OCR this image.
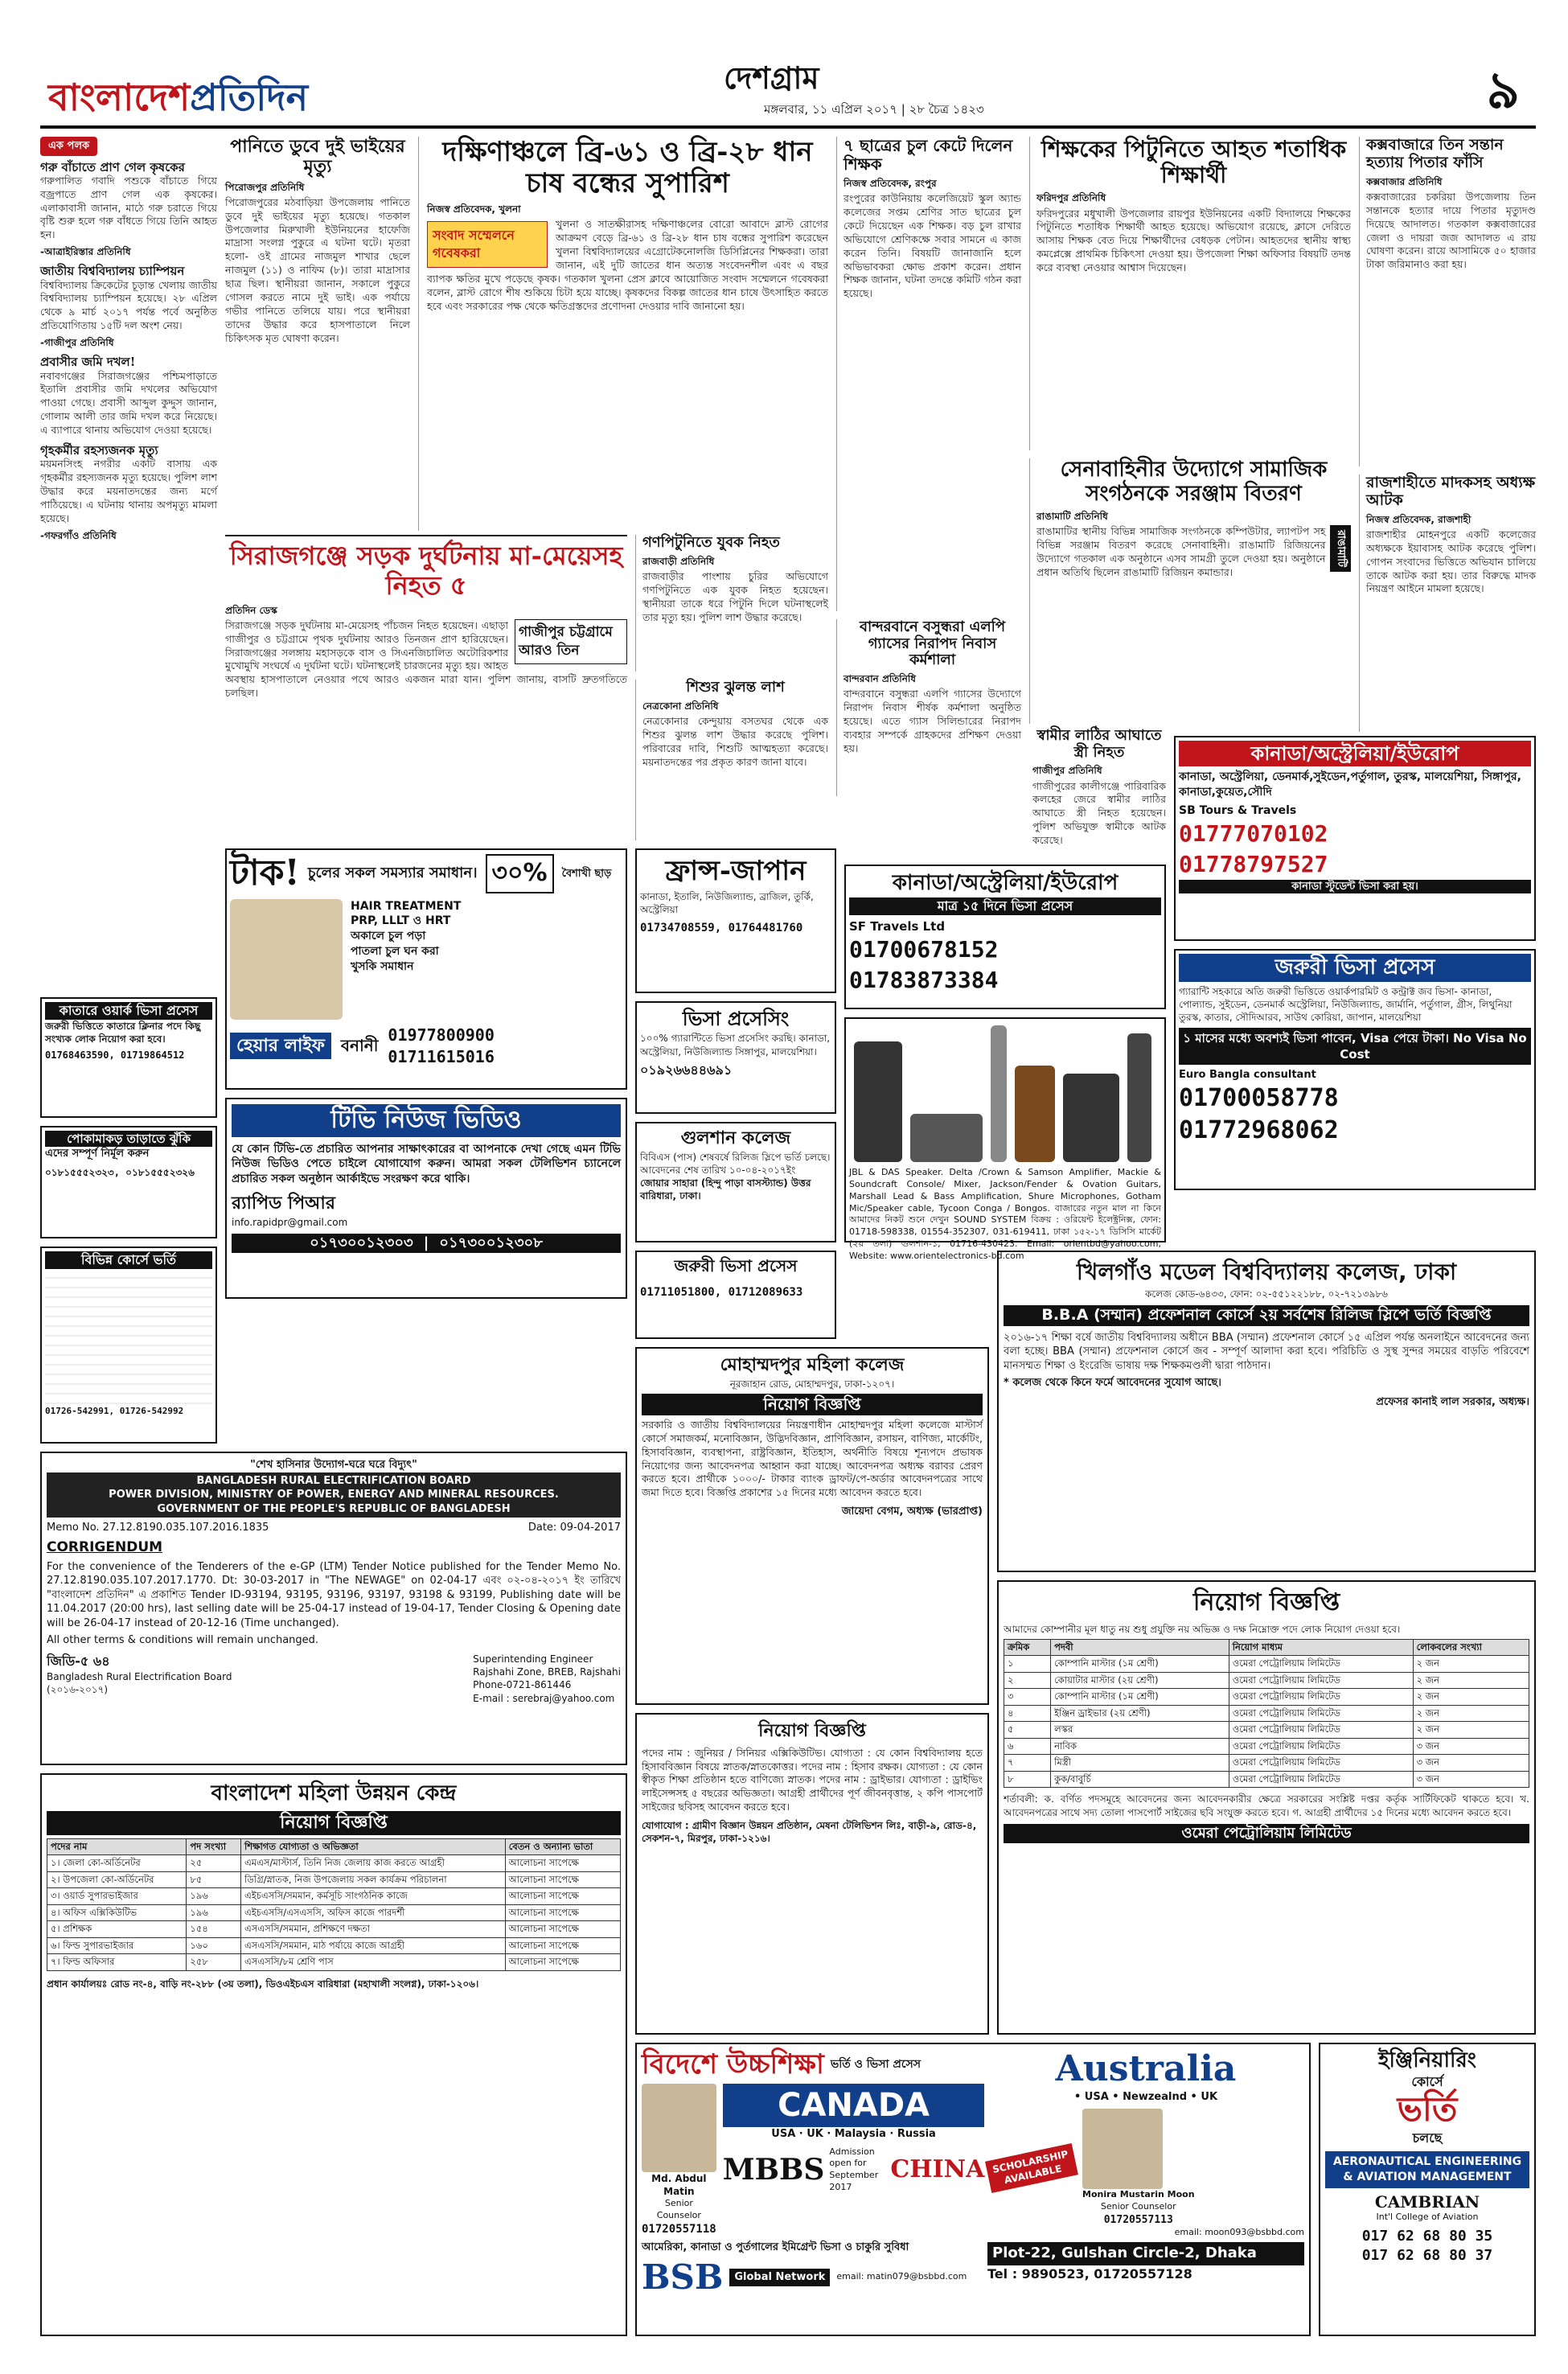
বাংলাদেশপ্রতিদিন	দেশগ্রাম
মঙ্গলবার, ১১ এপ্রিল ২০১৭ | ২৮ চৈত্র ১৪২৩	৯
এক পলক
গরু বাঁচাতে প্রাণ গেল কৃষকের
গরুপালিত গবাদি পশুকে বাঁচাতে গিয়ে বজ্রপাতে প্রাণ গেল এক কৃষকের। এলাকাবাসী জানান, মাঠে গরু চরাতে গিয়ে বৃষ্টি শুরু হলে গরু বাঁধতে গিয়ে তিনি আহত হন।
-আত্রাইরিস্তার প্রতিনিধি
জাতীয় বিশ্ববিদ্যালয় চ্যাম্পিয়ন
বিশ্ববিদ্যালয় ক্রিকেটের চূড়ান্ত খেলায় জাতীয় বিশ্ববিদ্যালয় চ্যাম্পিয়ন হয়েছে। ২৮ এপ্রিল থেকে ৯ মার্চ ২০১৭ পর্যন্ত পর্বে অনুষ্ঠিত প্রতিযোগিতায় ১৫টি দল অংশ নেয়।
-গাজীপুর প্রতিনিধি
প্রবাসীর জমি দখল!
নবাবগঞ্জের সিরাজগঞ্জের পশ্চিমপাড়াতে ইতালি প্রবাসীর জমি দখলের অভিযোগ পাওয়া গেছে। প্রবাসী আব্দুল কুদ্দুস জানান, গোলাম আলী তার জমি দখল করে নিয়েছে। এ ব্যাপারে থানায় অভিযোগ দেওয়া হয়েছে।
গৃহকর্মীর রহস্যজনক মৃত্যু
ময়মনসিংহ নগরীর একটি বাসায় এক গৃহকর্মীর রহস্যজনক মৃত্যু হয়েছে। পুলিশ লাশ উদ্ধার করে ময়নাতদন্তের জন্য মর্গে পাঠিয়েছে। এ ঘটনায় থানায় অপমৃত্যু মামলা হয়েছে।
-গফরগাঁও প্রতিনিধি
পানিতে ডুবে দুই ভাইয়ের মৃত্যু
পিরোজপুর প্রতিনিধি
পিরোজপুরের মঠবাড়িয়া উপজেলায় পানিতে ডুবে দুই ভাইয়ের মৃত্যু হয়েছে। গতকাল উপজেলার মিরুখালী ইউনিয়নের হাফেজি মাদ্রাসা সংলগ্ন পুকুরে এ ঘটনা ঘটে। মৃতরা হলো- ওই গ্রামের নাজমুল শাখার ছেলে নাজমুল (১১) ও নাফিম (৮)। তারা মাদ্রাসার ছাত্র ছিল। স্থানীয়রা জানান, সকালে পুকুরে গোসল করতে নামে দুই ভাই। এক পর্যায়ে গভীর পানিতে তলিয়ে যায়। পরে স্থানীয়রা তাদের উদ্ধার করে হাসপাতালে নিলে চিকিৎসক মৃত ঘোষণা করেন।
দক্ষিণাঞ্চলে ব্রি-৬১ ও ব্রি-২৮ ধান চাষ বন্ধের সুপারিশ
নিজস্ব প্রতিবেদক, খুলনা
সংবাদ সম্মেলনে গবেষকরা
খুলনা ও সাতক্ষীরাসহ দক্ষিণাঞ্চলের বোরো আবাদে ব্লাস্ট রোগের আক্রমণ বেড়ে ব্রি-৬১ ও ব্রি-২৮ ধান চাষ বন্ধের সুপারিশ করেছেন খুলনা বিশ্ববিদ্যালয়ের এগ্রোটেকনোলজি ডিসিপ্লিনের শিক্ষকরা। তারা জানান, এই দুটি জাতের ধান অত্যন্ত সংবেদনশীল এবং এ বছর ব্যাপক ক্ষতির মুখে পড়েছে কৃষক। গতকাল খুলনা প্রেস ক্লাবে আয়োজিত সংবাদ সম্মেলনে গবেষকরা বলেন, ব্লাস্ট রোগে শীষ শুকিয়ে চিটা হয়ে যাচ্ছে। কৃষকদের বিকল্প জাতের ধান চাষে উৎসাহিত করতে হবে এবং সরকারের পক্ষ থেকে ক্ষতিগ্রস্তদের প্রণোদনা দেওয়ার দাবি জানানো হয়।
৭ ছাত্রের চুল কেটে দিলেন শিক্ষক
নিজস্ব প্রতিবেদক, রংপুর
রংপুরের কাউনিয়ায় কলেজিয়েট স্কুল অ্যান্ড কলেজের সপ্তম শ্রেণির সাত ছাত্রের চুল কেটে দিয়েছেন এক শিক্ষক। বড় চুল রাখার অভিযোগে শ্রেণিকক্ষে সবার সামনে এ কাজ করেন তিনি। বিষয়টি জানাজানি হলে অভিভাবকরা ক্ষোভ প্রকাশ করেন। প্রধান শিক্ষক জানান, ঘটনা তদন্তে কমিটি গঠন করা হয়েছে।
শিক্ষকের পিটুনিতে আহত শতাধিক শিক্ষার্থী
ফরিদপুর প্রতিনিধি
ফরিদপুরের মধুখালী উপজেলার রায়পুর ইউনিয়নের একটি বিদ্যালয়ে শিক্ষকের পিটুনিতে শতাধিক শিক্ষার্থী আহত হয়েছে। অভিযোগ রয়েছে, ক্লাসে দেরিতে আসায় শিক্ষক বেত দিয়ে শিক্ষার্থীদের বেধড়ক পেটান। আহতদের স্থানীয় স্বাস্থ্য কমপ্লেক্সে প্রাথমিক চিকিৎসা দেওয়া হয়। উপজেলা শিক্ষা অফিসার বিষয়টি তদন্ত করে ব্যবস্থা নেওয়ার আশ্বাস দিয়েছেন।
কক্সবাজারে তিন সন্তান হত্যায় পিতার ফাঁসি
কক্সবাজার প্রতিনিধি
কক্সবাজারের চকরিয়া উপজেলায় তিন সন্তানকে হত্যার দায়ে পিতার মৃত্যুদণ্ড দিয়েছে আদালত। গতকাল কক্সবাজারের জেলা ও দায়রা জজ আদালত এ রায় ঘোষণা করেন। রায়ে আসামিকে ৫০ হাজার টাকা জরিমানাও করা হয়।
সেনাবাহিনীর উদ্যোগে সামাজিক সংগঠনকে সরঞ্জাম বিতরণ
রাঙামাটি প্রতিনিধি
রাঙামাটি
রাঙামাটির স্থানীয় বিভিন্ন সামাজিক সংগঠনকে কম্পিউটার, ল্যাপটপ সহ বিভিন্ন সরঞ্জাম বিতরণ করেছে সেনাবাহিনী। রাঙামাটি রিজিয়নের উদ্যোগে গতকাল এক অনুষ্ঠানে এসব সামগ্রী তুলে দেওয়া হয়। অনুষ্ঠানে প্রধান অতিথি ছিলেন রাঙামাটি রিজিয়ন কমান্ডার।
রাজশাহীতে মাদকসহ অধ্যক্ষ আটক
নিজস্ব প্রতিবেদক, রাজশাহী
রাজশাহীর মোহনপুরে একটি কলেজের অধ্যক্ষকে ইয়াবাসহ আটক করেছে পুলিশ। গোপন সংবাদের ভিত্তিতে অভিযান চালিয়ে তাকে আটক করা হয়। তার বিরুদ্ধে মাদক নিয়ন্ত্রণ আইনে মামলা হয়েছে।
সিরাজগঞ্জে সড়ক দুর্ঘটনায় মা-মেয়েসহ নিহত ৫
প্রতিদিন ডেস্ক
গাজীপুর চট্টগ্রামে আরও তিন
সিরাজগঞ্জে সড়ক দুর্ঘটনায় মা-মেয়েসহ পাঁচজন নিহত হয়েছেন। এছাড়া গাজীপুর ও চট্টগ্রামে পৃথক দুর্ঘটনায় আরও তিনজন প্রাণ হারিয়েছেন। সিরাজগঞ্জের সলঙ্গায় মহাসড়কে বাস ও সিএনজিচালিত অটোরিকশার মুখোমুখি সংঘর্ষে এ দুর্ঘটনা ঘটে। ঘটনাস্থলেই চারজনের মৃত্যু হয়। আহত অবস্থায় হাসপাতালে নেওয়ার পথে আরও একজন মারা যান। পুলিশ জানায়, বাসটি দ্রুতগতিতে চলছিল।
গণপিটুনিতে যুবক নিহত
রাজবাড়ী প্রতিনিধি
রাজবাড়ীর পাংশায় চুরির অভিযোগে গণপিটুনিতে এক যুবক নিহত হয়েছেন। স্থানীয়রা তাকে ধরে পিটুনি দিলে ঘটনাস্থলেই তার মৃত্যু হয়। পুলিশ লাশ উদ্ধার করেছে।
শিশুর ঝুলন্ত লাশ
নেত্রকোনা প্রতিনিধি
নেত্রকোনার কেন্দুয়ায় বসতঘর থেকে এক শিশুর ঝুলন্ত লাশ উদ্ধার করেছে পুলিশ। পরিবারের দাবি, শিশুটি আত্মহত্যা করেছে। ময়নাতদন্তের পর প্রকৃত কারণ জানা যাবে।
বান্দরবানে বসুন্ধরা এলপি গ্যাসের নিরাপদ নিবাস কর্মশালা
বান্দরবান প্রতিনিধি
বান্দরবানে বসুন্ধরা এলপি গ্যাসের উদ্যোগে নিরাপদ নিবাস শীর্ষক কর্মশালা অনুষ্ঠিত হয়েছে। এতে গ্যাস সিলিন্ডারের নিরাপদ ব্যবহার সম্পর্কে গ্রাহকদের প্রশিক্ষণ দেওয়া হয়।
স্বামীর লাঠির আঘাতে স্ত্রী নিহত
গাজীপুর প্রতিনিধি
গাজীপুরের কালীগঞ্জে পারিবারিক কলহের জেরে স্বামীর লাঠির আঘাতে স্ত্রী নিহত হয়েছেন। পুলিশ অভিযুক্ত স্বামীকে আটক করেছে।
কানাডা/অস্ট্রেলিয়া/ইউরোপ
কানাডা, অস্ট্রেলিয়া, ডেনমার্ক,সুইডেন,পর্তুগাল, তুরস্ক, মালয়েশিয়া, সিঙ্গাপুর, কানাডা,কুয়েত,সৌদি
SB Tours & Travels
01777070102
01778797527
কানাডা স্টুডেন্ট ভিসা করা হয়।
জরুরী ভিসা প্রসেস
গ্যারান্টি সহকারে অতি জরুরী ভিত্তিতে ওয়ার্কপারমিট ও কন্ট্রাক্ট জব ভিসা- কানাডা, পোল্যান্ড, সুইডেন, ডেনমার্ক অস্ট্রেলিয়া, নিউজিল্যান্ড, জার্মানি, পর্তুগাল, গ্রীস, লিথুনিয়া তুরস্ক, কাতার, সৌদিআরব, সাউথ কোরিয়া, জাপান, মালয়েশিয়া
১ মাসের মধ্যে অবশ্যই ভিসা পাবেন, Visa পেয়ে টাকা। No Visa No Cost
Euro Bangla consultant
01700058778
01772968062
ফ্রান্স-জাপান
কানাডা, ইতালি, নিউজিল্যান্ড, ব্রাজিল, তুর্কি, অস্ট্রেলিয়া
01734708559, 01764481760
কানাডা/অস্ট্রেলিয়া/ইউরোপ
মাত্র ১৫ দিনে ভিসা প্রসেস
SF Travels Ltd
01700678152
01783873384
ভিসা প্রসেসিং
১০০% গ্যারান্টিতে ভিসা প্রসেসিং করছি। কানাডা, অস্ট্রেলিয়া, নিউজিল্যান্ড সিঙ্গাপুর, মালয়েশিয়া।
০১৯২৬৬৪৪৬৯১
JBL & DAS Speaker. Delta /Crown & Samson Amplifier, Mackie & Soundcraft Console/ Mixer, Jackson/Fender & Ovation Guitars, Marshall Lead & Bass Amplification, Shure Microphones, Gotham Mic/Speaker cable, Tycoon Conga / Bongos. বাজারের নতুন মাল না কিনে আমাদের নিকট শুনে দেখুন SOUND SYSTEM বিক্রয় : ওরিয়েন্ট ইলেক্ট্রনিক্স, ফোন: 01718-598338, 01554-352307, 031-619411, ঢাকা ১৫২-১৭ ডিসিসি মার্কেট (২য় তলা) গুলশান-১, 01716-430423. Email: orientbd@yahoo.com, Website: www.orientelectronics-bd.com
গুলশান কলেজ
বিবিএস (পাস) শেষবর্ষে রিলিজ স্লিপে ভর্তি চলছে। আবেদনের শেষ তারিখ ১০-০৪-২০১৭ইং
জোয়ার সাহারা (হিন্দু পাড়া বাসস্ট্যান্ড) উত্তর বারিধারা, ঢাকা।
জরুরী ভিসা প্রসেস
01711051800, 01712089633
টাক! চুলের সকল সমস্যার সমাধান। ৩০%	বৈশাখী ছাড়
HAIR TREATMENT
PRP, LLLT ও HRT
অকালে চুল পড়া
পাতলা চুল ঘন করা
খুসকি সমাধান
হেয়ার লাইফ	বনানী
01977800900
01711615016
কাতারে ওয়ার্ক ভিসা প্রসেস
জরুরী ভিত্তিতে কাতারে ক্লিনার পদে কিছু সংখ্যক লোক নিয়োগ করা হবে।
01768463590, 01719864512
পোকামাকড় তাড়াতে ঝুঁকি
এদের সম্পূর্ণ নির্মূল করুন
০১৮১৫৫৫২৩২৩, ০১৮১৫৫৫২৩২৬
বিভিন্ন কোর্সে ভর্তি
01726-542991, 01726-542992
টিভি নিউজ ভিডিও
যে কোন টিভি-তে প্রচারিত আপনার সাক্ষাৎকারের বা আপনাকে দেখা গেছে এমন টিভি নিউজ ভিডিও পেতে চাইলে যোগাযোগ করুন। আমরা সকল টেলিভিশন চ্যানেলে প্রচারিত সকল অনুষ্ঠান আর্কাইভে সংরক্ষণ করে থাকি।
র‍্যাপিড পিআর
info.rapidpr@gmail.com
০১৭৩০০১২৩০৩ | ০১৭৩০০১২৩০৮
"শেখ হাসিনার উদ্যোগ-ঘরে ঘরে বিদ্যুৎ"
BANGLADESH RURAL ELECTRIFICATION BOARD
POWER DIVISION, MINISTRY OF POWER, ENERGY AND MINERAL RESOURCES.
GOVERNMENT OF THE PEOPLE'S REPUBLIC OF BANGLADESH
Memo No. 27.12.8190.035.107.2016.1835	Date: 09-04-2017
CORRIGENDUM
For the convenience of the Tenderers of the e-GP (LTM) Tender Notice published for the Tender Memo No. 27.12.8190.035.107.2017.1770. Dt: 30-03-2017 in "The NEWAGE" on 02-04-17 এবং ০২-০৪-২০১৭ ইং তারিখে "বাংলাদেশ প্রতিদিন" এ প্রকাশিত Tender ID-93194, 93195, 93196, 93197, 93198 & 93199, Publishing date will be 11.04.2017 (20:00 hrs), last selling date will be 25-04-17 instead of 19-04-17, Tender Closing & Opening date will be 26-04-17 instead of 20-12-16 (Time unchanged).
All other terms & conditions will remain unchanged.
জিডি-৫ ৬৪
Bangladesh Rural Electrification Board
(২০১৬-২০১৭)
Superintending Engineer
Rajshahi Zone, BREB, Rajshahi
Phone-0721-861446
E-mail : serebraj@yahoo.com
বাংলাদেশ মহিলা উন্নয়ন কেন্দ্র
নিয়োগ বিজ্ঞপ্তি
পদের নাম	পদ সংখ্যা	শিক্ষাগত যোগ্যতা ও অভিজ্ঞতা	বেতন ও অন্যান্য ভাতা
১। জেলা কো-অর্ডিনেটর	২৫	এমএস/মাস্টার্স, তিনি নিজ জেলায় কাজ করতে আগ্রহী	আলোচনা সাপেক্ষে
২। উপজেলা কো-অর্ডিনেটর	৮৫	ডিগ্রি/স্নাতক, নিজ উপজেলায় সকল কার্যক্রম পরিচালনা	আলোচনা সাপেক্ষে
৩। ওয়ার্ড সুপারভাইজার	১৯৬	এইচএসসি/সমমান, কর্মসূচি সাংগঠনিক কাজে	আলোচনা সাপেক্ষে
৪। অফিস এক্সিকিউটিভ	১৯৬	এইচএসসি/এসএসসি, অফিস কাজে পারদর্শী	আলোচনা সাপেক্ষে
৫। প্রশিক্ষক	১৫৪	এসএসসি/সমমান, প্রশিক্ষণে দক্ষতা	আলোচনা সাপেক্ষে
৬। ফিল্ড সুপারভাইজার	১৬০	এসএসসি/সমমান, মাঠ পর্যায়ে কাজে আগ্রহী	আলোচনা সাপেক্ষে
৭। ফিল্ড অফিসার	২৫৮	এসএসসি/৮ম শ্রেণি পাস	আলোচনা সাপেক্ষে
প্রধান কার্যালয়ঃ রোড নং-৪, বাড়ি নং-২৮৮ (৩য় তলা), ডিওএইচএস বারিধারা (মহাখালী সংলগ্ন), ঢাকা-১২০৬।
মোহাম্মদপুর মহিলা কলেজ
নূরজাহান রোড, মোহাম্মদপুর, ঢাকা-১২০৭।
নিয়োগ বিজ্ঞপ্তি
সরকারি ও জাতীয় বিশ্ববিদ্যালয়ের নিয়ন্ত্রণাধীন মোহাম্মদপুর মহিলা কলেজে মাস্টার্স কোর্সে সমাজকর্ম, মনোবিজ্ঞান, উদ্ভিদবিজ্ঞান, প্রাণিবিজ্ঞান, রসায়ন, বাণিজ্য, মার্কেটিং, হিসাববিজ্ঞান, ব্যবস্থাপনা, রাষ্ট্রবিজ্ঞান, ইতিহাস, অর্থনীতি বিষয়ে শূন্যপদে প্রভাষক নিয়োগের জন্য আবেদনপত্র আহ্বান করা যাচ্ছে। আবেদনপত্র অধ্যক্ষ বরাবর প্রেরণ করতে হবে। প্রার্থীকে ১০০০/- টাকার ব্যাংক ড্রাফট/পে-অর্ডার আবেদনপত্রের সাথে জমা দিতে হবে। বিজ্ঞপ্তি প্রকাশের ১৫ দিনের মধ্যে আবেদন করতে হবে।
জায়েদা বেগম, অধ্যক্ষ (ভারপ্রাপ্ত)
নিয়োগ বিজ্ঞপ্তি
পদের নাম : জুনিয়র / সিনিয়র এক্সিকিউটিভ। যোগ্যতা : যে কোন বিশ্ববিদ্যালয় হতে হিসাববিজ্ঞান বিষয়ে স্নাতক/স্নাতকোত্তর। পদের নাম : হিসাব রক্ষক। যোগ্যতা : যে কোন স্বীকৃত শিক্ষা প্রতিষ্ঠান হতে বাণিজ্যে স্নাতক। পদের নাম : ড্রাইভার। যোগ্যতা : ড্রাইভিং লাইসেন্সসহ ৫ বছরের অভিজ্ঞতা। আগ্রহী প্রার্থীদের পূর্ণ জীবনবৃত্তান্ত, ২ কপি পাসপোর্ট সাইজের ছবিসহ আবেদন করতে হবে।
যোগাযোগ : গ্রামীণ বিজ্ঞান উন্নয়ন প্রতিষ্ঠান, মেষনা টেলিভিশন লিঃ, বাড়ী-৯, রোড-৪, সেকশন-৭, মিরপুর, ঢাকা-১২১৬।
খিলগাঁও মডেল বিশ্ববিদ্যালয় কলেজ, ঢাকা
কলেজ কোড-৬৪৩৩, ফোন: ০২-৫৫১২২১৮৮, ০২-৭২১৩৯৮৬
B.B.A (সম্মান) প্রফেশনাল কোর্সে ২য় সর্বশেষ রিলিজ স্লিপে ভর্তি বিজ্ঞপ্তি
২০১৬-১৭ শিক্ষা বর্ষে জাতীয় বিশ্ববিদ্যালয় অধীনে BBA (সম্মান) প্রফেশনাল কোর্সে ১৫ এপ্রিল পর্যন্ত অনলাইনে আবেদনের জন্য বলা হচ্ছে। BBA (সম্মান) প্রফেশনাল কোর্সে জব - সম্পূর্ণ আলাদা করা হবে। পরিচিতি ও সুস্থ সুন্দর সময়ের বাড়তি পরিবেশে মানসম্মত শিক্ষা ও ইংরেজি ভাষায় দক্ষ শিক্ষকমণ্ডলী দ্বারা পাঠদান।
* কলেজ থেকে কিনে ফর্মে আবেদনের সুযোগ আছে।
প্রফেসর কানাই লাল সরকার, অধ্যক্ষ।
নিয়োগ বিজ্ঞপ্তি
আমাদের কোম্পানীর মূল ধাতু নয় শুধু প্রযুক্তি নয় অভিজ্ঞ ও দক্ষ নিম্নোক্ত পদে লোক নিয়োগ দেওয়া হবে।
ক্রমিক	পদবী	নিয়োগ মাধ্যম	লোকবলের সংখ্যা
১	কোম্পানি মাস্টার (১ম শ্রেণী)	ওমেরা পেট্রোলিয়াম লিমিটেড	২ জন
২	কোয়াটার মাস্টার (২য় শ্রেণী)	ওমেরা পেট্রোলিয়াম লিমিটেড	২ জন
৩	কোম্পানি মাস্টার (১ম শ্রেণী)	ওমেরা পেট্রোলিয়াম লিমিটেড	২ জন
৪	ইঞ্জিন ড্রাইভার (২য় শ্রেণী)	ওমেরা পেট্রোলিয়াম লিমিটেড	২ জন
৫	লস্কর	ওমেরা পেট্রোলিয়াম লিমিটেড	২ জন
৬	নাবিক	ওমেরা পেট্রোলিয়াম লিমিটেড	৩ জন
৭	মিস্ত্রী	ওমেরা পেট্রোলিয়াম লিমিটেড	৩ জন
৮	কুক/বাবুর্চি	ওমেরা পেট্রোলিয়াম লিমিটেড	৩ জন
শর্তাবলী: ক. বর্ণিত পদসমূহে আবেদনের জন্য আবেদনকারীর ক্ষেত্রে সরকারের সংশ্লিষ্ট দপ্তর কর্তৃক সার্টিফিকেট থাকতে হবে। খ. আবেদনপত্রের সাথে সদ্য তোলা পাসপোর্ট সাইজের ছবি সংযুক্ত করতে হবে। গ. আগ্রহী প্রার্থীদের ১৫ দিনের মধ্যে আবেদন করতে হবে।
ওমেরা পেট্রোলিয়াম লিমিটেড
বিদেশে উচ্চশিক্ষা ভর্তি ও ভিসা প্রসেস
Md. Abdul Matin
Senior Counselor
01720557118
CANADA
USA · UK · Malaysia · Russia
MBBS
Admission open for September 2017
CHINA
আমেরিকা, কানাডা ও পুর্তগালের ইমিগ্রেন্ট ভিসা ও চাকুরি সুবিধা
BSB	Global Network	email: matin079@bsbbd.com
Australia
• USA • Newzealnd • UK
SCHOLARSHIP AVAILABLE
Monira Mustarin Moon
Senior Counselor
01720557113
email: moon093@bsbbd.com
Plot-22, Gulshan Circle-2, Dhaka
Tel : 9890523, 01720557128
ইঞ্জিনিয়ারিং
কোর্সে
ভর্তি
চলছে
AERONAUTICAL ENGINEERING & AVIATION MANAGEMENT
CAMBRIAN
Int'l College of Aviation
017 62 68 80 35
017 62 68 80 37
